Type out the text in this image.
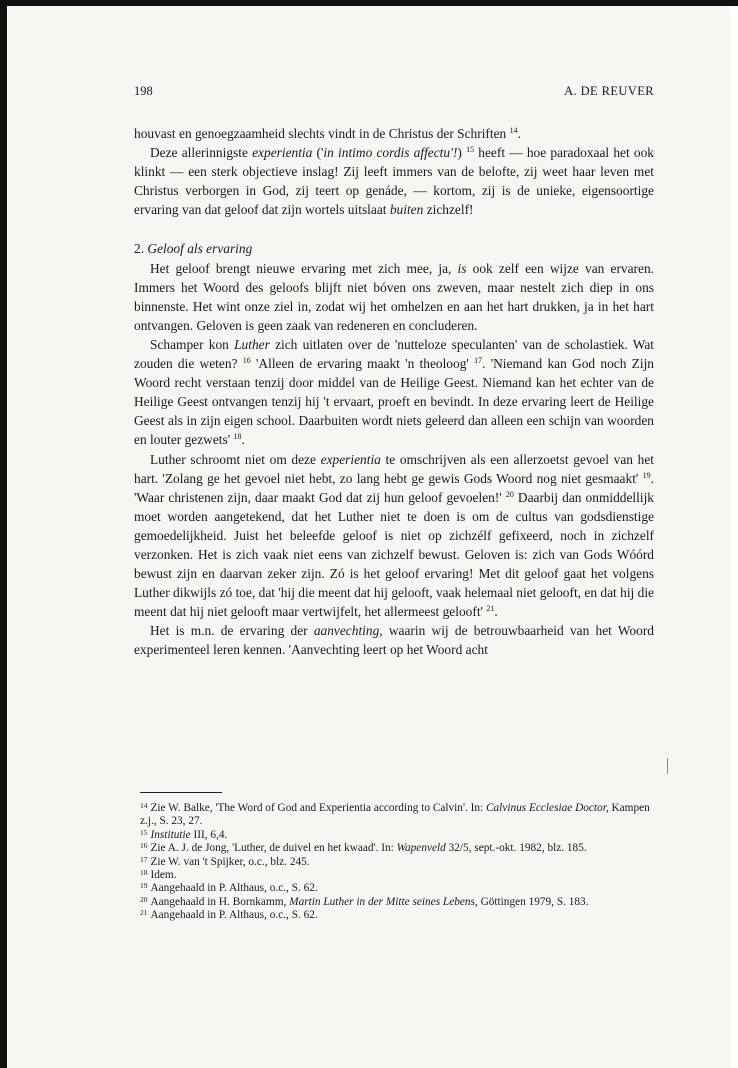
198	A. DE REUVER

houvast en genoegzaamheid slechts vindt in de Christus der Schriften $^{14}$.

Deze allerinnigste experientia ('in intimo cordis affectu'!) $^{15}$ heeft — hoe paradoxaal het ook klinkt — een sterk objectieve inslag! Zij leeft immers van de belofte, zij weet haar leven met Christus verborgen in God, zij teert op genáde, — kortom, zij is de unieke, eigensoortige ervaring van dat geloof dat zijn wortels uitslaat buiten zichzelf!

2. Geloof als ervaring

Het geloof brengt nieuwe ervaring met zich mee, ja, is ook zelf een wijze van ervaren. Immers het Woord des geloofs blijft niet bóven ons zweven, maar nestelt zich diep in ons binnenste. Het wint onze ziel in, zodat wij het omhelzen en aan het hart drukken, ja in het hart ontvangen. Geloven is geen zaak van redeneren en concluderen.

Schamper kon Luther zich uitlaten over de 'nutteloze speculanten' van de scholastiek. Wat zouden die weten? $^{16}$ 'Alleen de ervaring maakt 'n theoloog' $^{17}$. 'Niemand kan God noch Zijn Woord recht verstaan tenzij door middel van de Heilige Geest. Niemand kan het echter van de Heilige Geest ontvangen tenzij hij 't ervaart, proeft en bevindt. In deze ervaring leert de Heilige Geest als in zijn eigen school. Daarbuiten wordt niets geleerd dan alleen een schijn van woorden en louter gezwets' $^{18}$.

Luther schroomt niet om deze experientia te omschrijven als een allerzoetst gevoel van het hart. 'Zolang ge het gevoel niet hebt, zo lang hebt ge gewis Gods Woord nog niet gesmaakt' $^{19}$. 'Waar christenen zijn, daar maakt God dat zij hun geloof gevoelen!' $^{20}$ Daarbij dan onmiddellijk moet worden aangetekend, dat het Luther niet te doen is om de cultus van godsdienstige gemoedelijkheid. Juist het beleefde geloof is niet op zichzélf gefixeerd, noch in zichzelf verzonken. Het is zich vaak niet eens van zichzelf bewust. Geloven is: zich van Gods Wóórd bewust zijn en daarvan zeker zijn. Zó is het geloof ervaring! Met dit geloof gaat het volgens Luther dikwijls zó toe, dat 'hij die meent dat hij gelooft, vaak helemaal niet gelooft, en dat hij die meent dat hij niet gelooft maar vertwijfelt, het allermeest gelooft' $^{21}$.

Het is m.n. de ervaring der aanvechting, waarin wij de betrouwbaarheid van het Woord experimenteel leren kennen. 'Aanvechting leert op het Woord acht

$^{14}$ Zie W. Balke, 'The Word of God and Experientia according to Calvin'. In: Calvinus Ecclesiae Doctor, Kampen z.j., S. 23, 27.
$^{15}$ Institutie III, 6,4.
$^{16}$ Zie A. J. de Jong, 'Luther, de duivel en het kwaad'. In: Wapenveld 32/5, sept.-okt. 1982, blz. 185.
$^{17}$ Zie W. van 't Spijker, o.c., blz. 245.
$^{18}$ Idem.
$^{19}$ Aangehaald in P. Althaus, o.c., S. 62.
$^{20}$ Aangehaald in H. Bornkamm, Martin Luther in der Mitte seines Lebens, Göttingen 1979, S. 183.
$^{21}$ Aangehaald in P. Althaus, o.c., S. 62.
